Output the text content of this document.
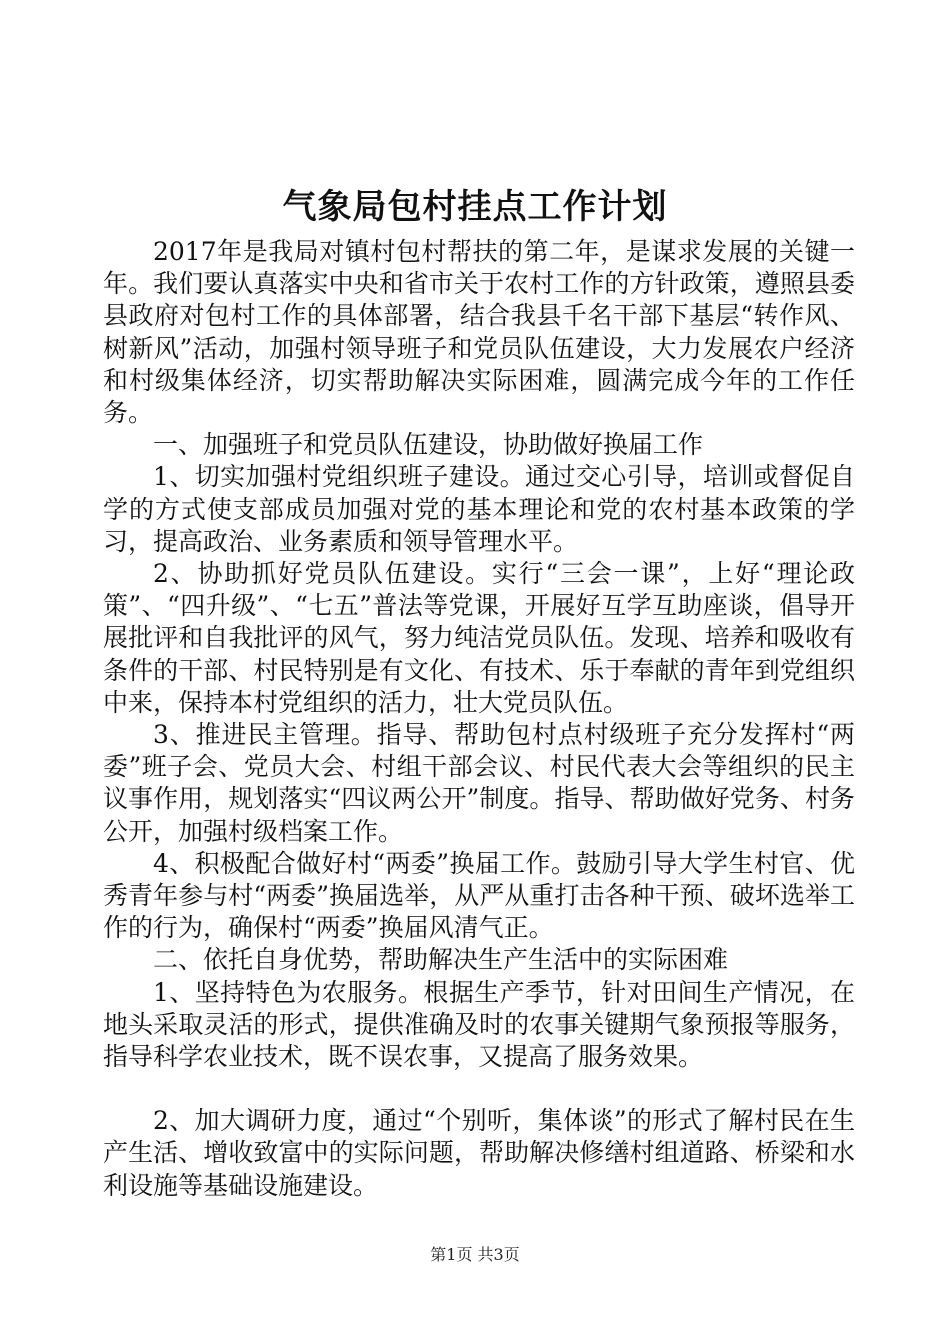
气象局包村挂点工作计划

2017年是我局对镇村包村帮扶的第二年，是谋求发展的关键一年。我们要认真落实中央和省市关于农村工作的方针政策，遵照县委县政府对包村工作的具体部署，结合我县千名干部下基层“转作风、树新风”活动，加强村领导班子和党员队伍建设，大力发展农户经济和村级集体经济，切实帮助解决实际困难，圆满完成今年的工作任务。

一、加强班子和党员队伍建设，协助做好换届工作

1、切实加强村党组织班子建设。通过交心引导，培训或督促自学的方式使支部成员加强对党的基本理论和党的农村基本政策的学习，提高政治、业务素质和领导管理水平。

2、协助抓好党员队伍建设。实行“三会一课”，上好“理论政策”、“四升级”、“七五”普法等党课，开展好互学互助座谈，倡导开展批评和自我批评的风气，努力纯洁党员队伍。发现、培养和吸收有条件的干部、村民特别是有文化、有技术、乐于奉献的青年到党组织中来，保持本村党组织的活力，壮大党员队伍。

3、推进民主管理。指导、帮助包村点村级班子充分发挥村“两委”班子会、党员大会、村组干部会议、村民代表大会等组织的民主议事作用，规划落实“四议两公开”制度。指导、帮助做好党务、村务公开，加强村级档案工作。

4、积极配合做好村“两委”换届工作。鼓励引导大学生村官、优秀青年参与村“两委”换届选举，从严从重打击各种干预、破坏选举工作的行为，确保村“两委”换届风清气正。

二、依托自身优势，帮助解决生产生活中的实际困难

1、坚持特色为农服务。根据生产季节，针对田间生产情况，在地头采取灵活的形式，提供准确及时的农事关键期气象预报等服务，指导科学农业技术，既不误农事，又提高了服务效果。

2、加大调研力度，通过“个别听，集体谈”的形式了解村民在生产生活、增收致富中的实际问题，帮助解决修缮村组道路、桥梁和水利设施等基础设施建设。

第1页 共3页
